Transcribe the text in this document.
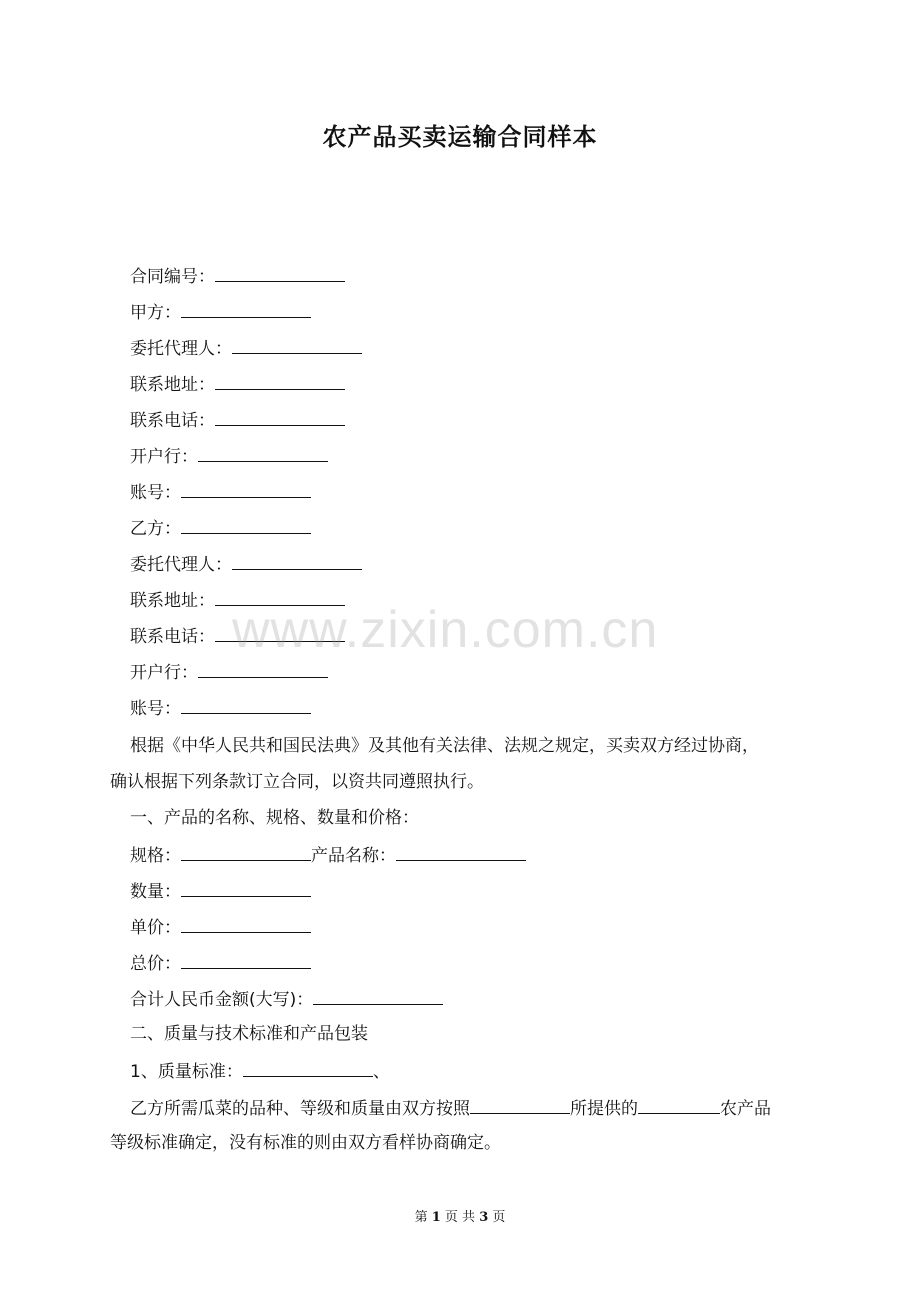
农产品买卖运输合同样本
合同编号：
甲方：
委托代理人：
联系地址：
联系电话：
开户行：
账号：
乙方：
委托代理人：
联系地址：
联系电话：
开户行：
账号：
根据《中华人民共和国民法典》及其他有关法律、法规之规定，买卖双方经过协商，
确认根据下列条款订立合同，以资共同遵照执行。
一、产品的名称、规格、数量和价格：
规格：	产品名称：
数量：
单价：
总价：
合计人民币金额(大写)：
二、质量与技术标准和产品包装
1、质量标准：	、
乙方所需瓜菜的品种、等级和质量由双方按照	所提供的	农产品
等级标准确定，没有标准的则由双方看样协商确定。
www.zixin.com.cn
第 1 页 共 3 页
